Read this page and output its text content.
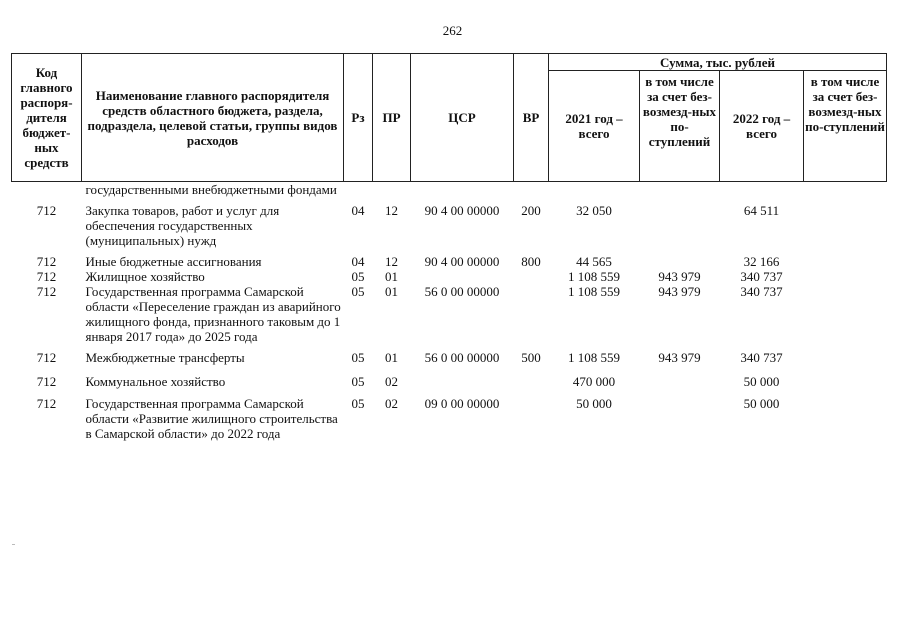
262
Код главного распоря-дителя бюджет-ных средств	Наименование главного распорядителя средств областного бюджета, раздела, подраздела, целевой статьи, группы видов расходов	Рз	ПР	ЦСР	ВР	Сумма, тыс. рублей			
						2021 год – всего	в том числе за счет без-возмезд-ных по-ступлений	2022 год – всего	в том числе за счет без-возмезд-ных по-ступлений
	государственными внебюджетными фондами								
712	Закупка товаров, работ и услуг для обеспечения государственных (муниципальных) нужд	04	12	90 4 00 00000	200	32 050		64 511	
712	Иные бюджетные ассигнования	04	12	90 4 00 00000	800	44 565		32 166	
712	Жилищное хозяйство	05	01			1 108 559	943 979	340 737	
712	Государственная программа Самарской области «Переселение граждан из аварийного жилищного фонда, признанного таковым до 1 января 2017 года» до 2025 года	05	01	56 0 00 00000		1 108 559	943 979	340 737	
712	Межбюджетные трансферты	05	01	56 0 00 00000	500	1 108 559	943 979	340 737	
712	Коммунальное хозяйство	05	02			470 000		50 000	
712	Государственная программа Самарской области «Развитие жилищного строительства в Самарской области» до 2022 года	05	02	09 0 00 00000		50 000		50 000	
